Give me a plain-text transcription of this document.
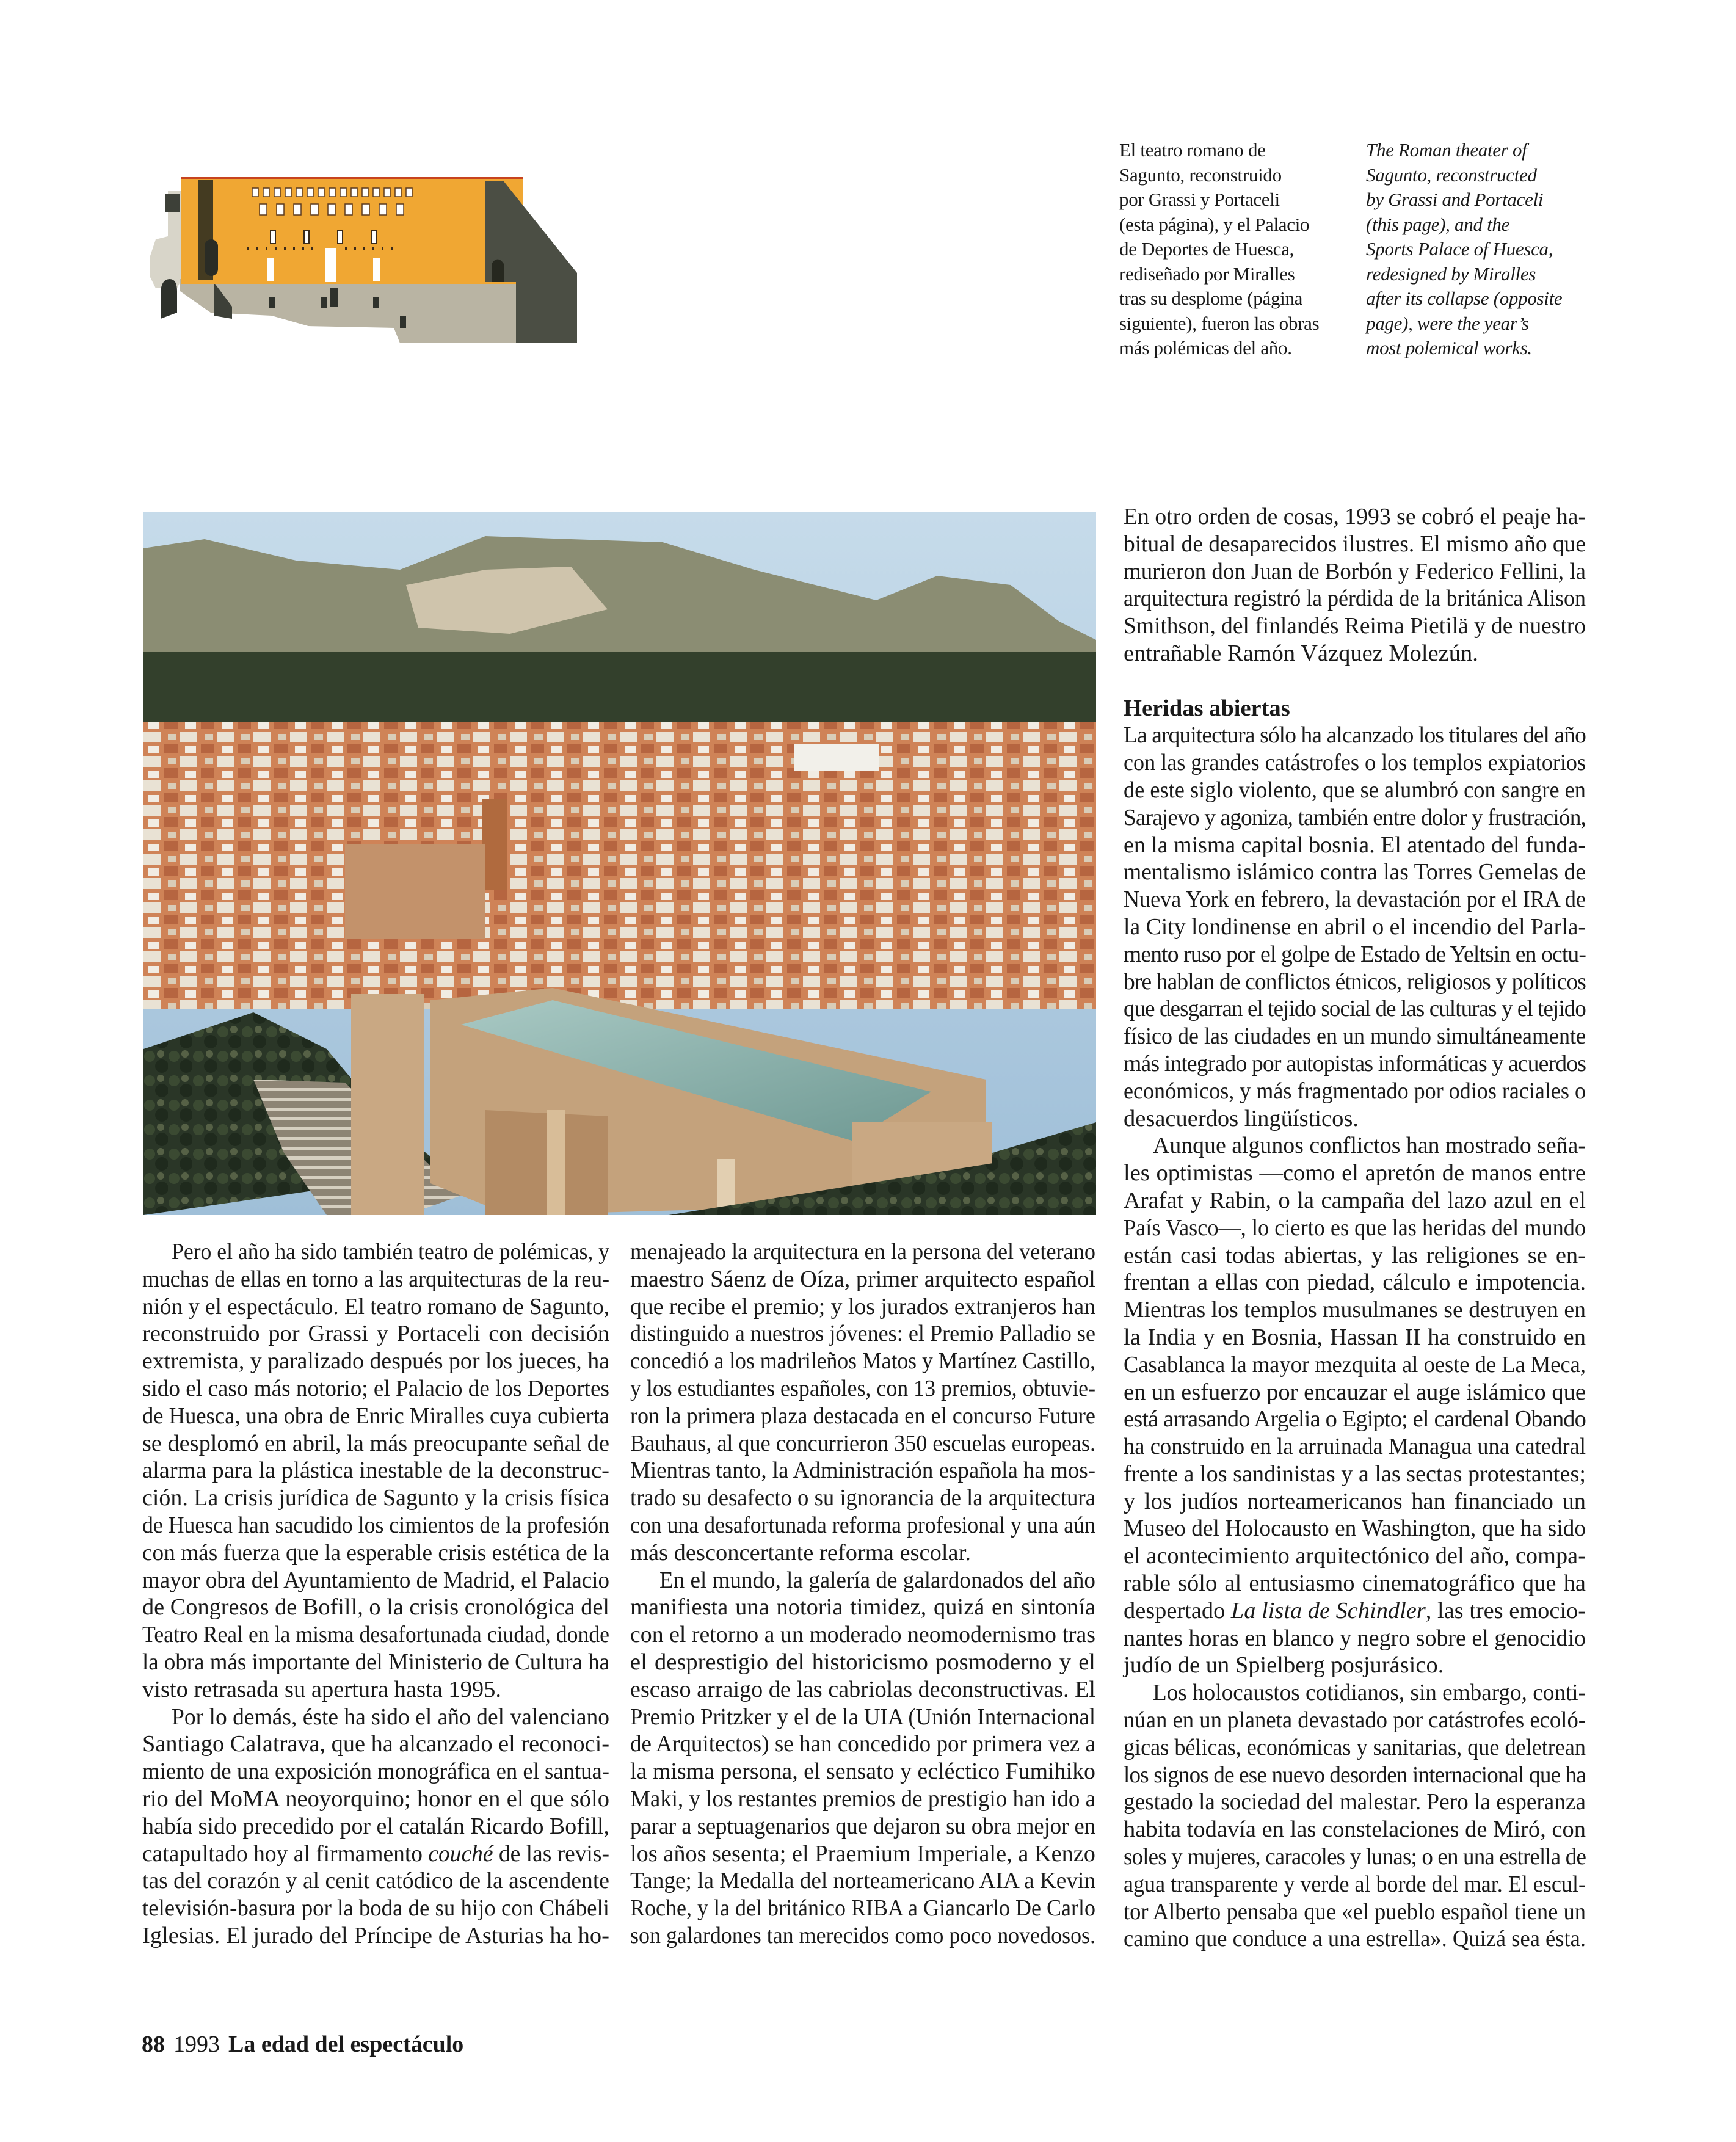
El teatro romano de
Sagunto, reconstruido
por Grassi y Portaceli
(esta página), y el Palacio
de Deportes de Huesca,
rediseñado por Miralles
tras su desplome (página
siguiente), fueron las obras
más polémicas del año.
The Roman theater of
Sagunto, reconstructed
by Grassi and Portaceli
(this page), and the
Sports Palace of Huesca,
redesigned by Miralles
after its collapse (opposite
page), were the year’s
most polemical works.
Pero el año ha sido también teatro de polémicas, y
muchas de ellas en torno a las arquitecturas de la reu-
nión y el espectáculo. El teatro romano de Sagunto,
reconstruido por Grassi y Portaceli con decisión
extremista, y paralizado después por los jueces, ha
sido el caso más notorio; el Palacio de los Deportes
de Huesca, una obra de Enric Miralles cuya cubierta
se desplomó en abril, la más preocupante señal de
alarma para la plástica inestable de la deconstruc-
ción. La crisis jurídica de Sagunto y la crisis física
de Huesca han sacudido los cimientos de la profesión
con más fuerza que la esperable crisis estética de la
mayor obra del Ayuntamiento de Madrid, el Palacio
de Congresos de Bofill, o la crisis cronológica del
Teatro Real en la misma desafortunada ciudad, donde
la obra más importante del Ministerio de Cultura ha
visto retrasada su apertura hasta 1995.
Por lo demás, éste ha sido el año del valenciano
Santiago Calatrava, que ha alcanzado el reconoci-
miento de una exposición monográfica en el santua-
rio del MoMA neoyorquino; honor en el que sólo
había sido precedido por el catalán Ricardo Bofill,
catapultado hoy al firmamento couché de las revis-
tas del corazón y al cenit catódico de la ascendente
televisión-basura por la boda de su hijo con Chábeli
Iglesias. El jurado del Príncipe de Asturias ha ho-
menajeado la arquitectura en la persona del veterano
maestro Sáenz de Oíza, primer arquitecto español
que recibe el premio; y los jurados extranjeros han
distinguido a nuestros jóvenes: el Premio Palladio se
concedió a los madrileños Matos y Martínez Castillo,
y los estudiantes españoles, con 13 premios, obtuvie-
ron la primera plaza destacada en el concurso Future
Bauhaus, al que concurrieron 350 escuelas europeas.
Mientras tanto, la Administración española ha mos-
trado su desafecto o su ignorancia de la arquitectura
con una desafortunada reforma profesional y una aún
más desconcertante reforma escolar.
En el mundo, la galería de galardonados del año
manifiesta una notoria timidez, quizá en sintonía
con el retorno a un moderado neomodernismo tras
el desprestigio del historicismo posmoderno y el
escaso arraigo de las cabriolas deconstructivas. El
Premio Pritzker y el de la UIA (Unión Internacional
de Arquitectos) se han concedido por primera vez a
la misma persona, el sensato y ecléctico Fumihiko
Maki, y los restantes premios de prestigio han ido a
parar a septuagenarios que dejaron su obra mejor en
los años sesenta; el Praemium Imperiale, a Kenzo
Tange; la Medalla del norteamericano AIA a Kevin
Roche, y la del británico RIBA a Giancarlo De Carlo
son galardones tan merecidos como poco novedosos.
En otro orden de cosas, 1993 se cobró el peaje ha-
bitual de desaparecidos ilustres. El mismo año que
murieron don Juan de Borbón y Federico Fellini, la
arquitectura registró la pérdida de la británica Alison
Smithson, del finlandés Reima Pietilä y de nuestro
entrañable Ramón Vázquez Molezún.
Heridas abiertas
La arquitectura sólo ha alcanzado los titulares del año
con las grandes catástrofes o los templos expiatorios
de este siglo violento, que se alumbró con sangre en
Sarajevo y agoniza, también entre dolor y frustración,
en la misma capital bosnia. El atentado del funda-
mentalismo islámico contra las Torres Gemelas de
Nueva York en febrero, la devastación por el IRA de
la City londinense en abril o el incendio del Parla-
mento ruso por el golpe de Estado de Yeltsin en octu-
bre hablan de conflictos étnicos, religiosos y políticos
que desgarran el tejido social de las culturas y el tejido
físico de las ciudades en un mundo simultáneamente
más integrado por autopistas informáticas y acuerdos
económicos, y más fragmentado por odios raciales o
desacuerdos lingüísticos.
Aunque algunos conflictos han mostrado seña-
les optimistas —como el apretón de manos entre
Arafat y Rabin, o la campaña del lazo azul en el
País Vasco—, lo cierto es que las heridas del mundo
están casi todas abiertas, y las religiones se en-
frentan a ellas con piedad, cálculo e impotencia.
Mientras los templos musulmanes se destruyen en
la India y en Bosnia, Hassan II ha construido en
Casablanca la mayor mezquita al oeste de La Meca,
en un esfuerzo por encauzar el auge islámico que
está arrasando Argelia o Egipto; el cardenal Obando
ha construido en la arruinada Managua una catedral
frente a los sandinistas y a las sectas protestantes;
y los judíos norteamericanos han financiado un
Museo del Holocausto en Washington, que ha sido
el acontecimiento arquitectónico del año, compa-
rable sólo al entusiasmo cinematográfico que ha
despertado La lista de Schindler, las tres emocio-
nantes horas en blanco y negro sobre el genocidio
judío de un Spielberg posjurásico.
Los holocaustos cotidianos, sin embargo, conti-
núan en un planeta devastado por catástrofes ecoló-
gicas bélicas, económicas y sanitarias, que deletrean
los signos de ese nuevo desorden internacional que ha
gestado la sociedad del malestar. Pero la esperanza
habita todavía en las constelaciones de Miró, con
soles y mujeres, caracoles y lunas; o en una estrella de
agua transparente y verde al borde del mar. El escul-
tor Alberto pensaba que «el pueblo español tiene un
camino que conduce a una estrella». Quizá sea ésta.
88 1993 La edad del espectáculo
